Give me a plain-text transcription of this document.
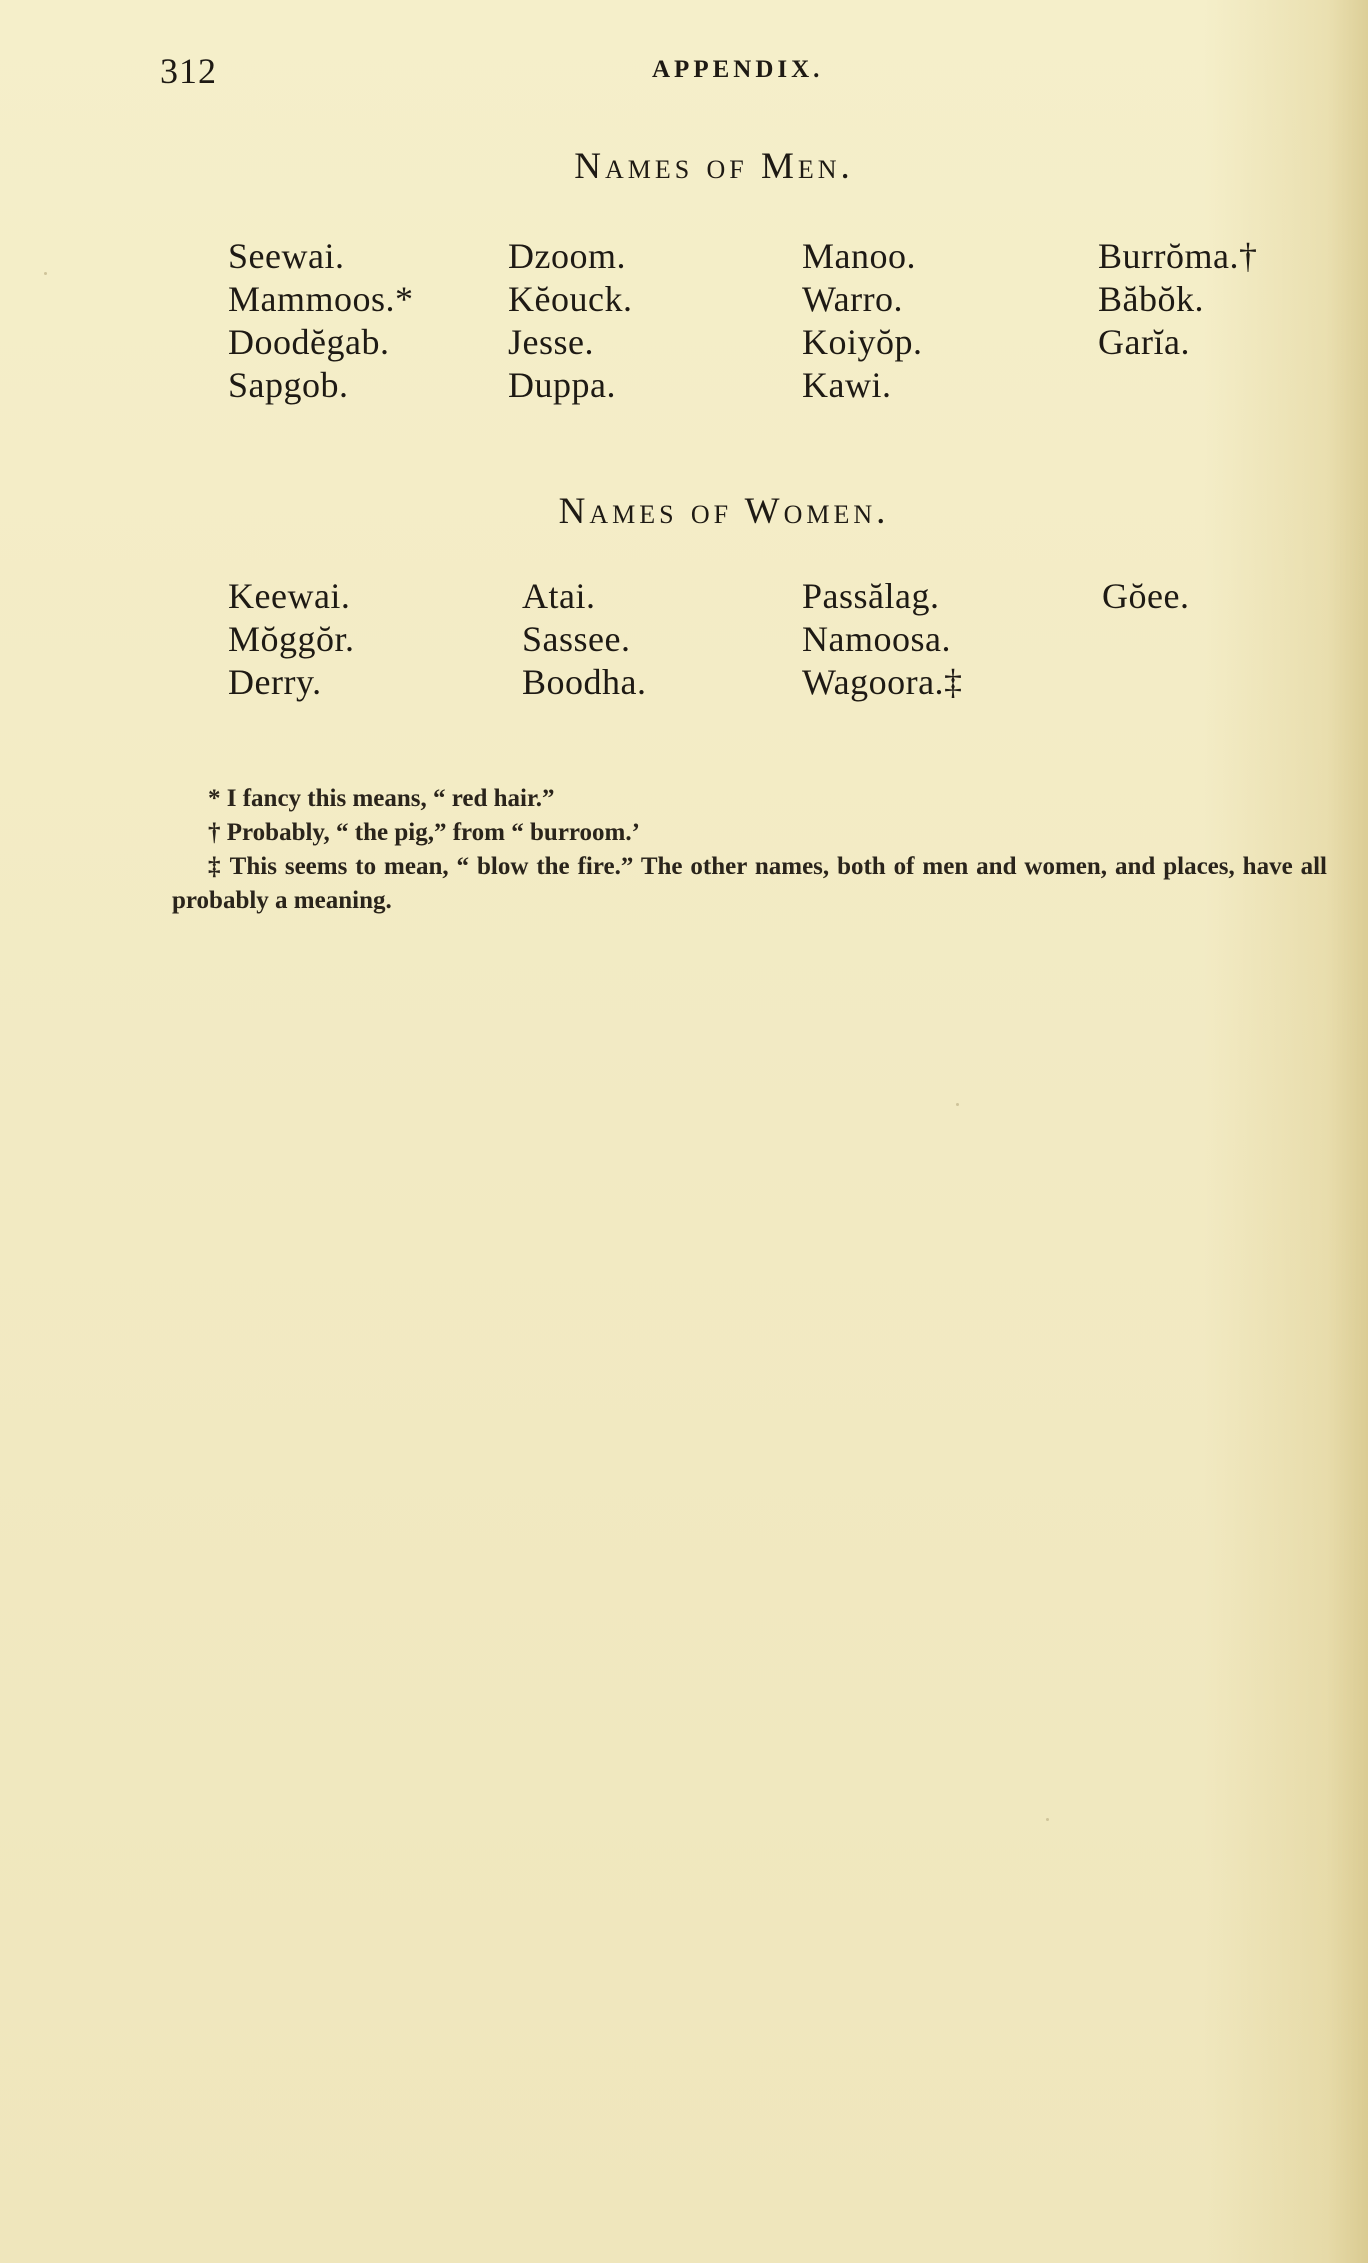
312	APPENDIX.
Names of Men.
Seewai.
Mammoos.*
Doodĕgab.
Sapgob.
Dzoom.
Kĕouck.
Jesse.
Duppa.
Manoo.
Warro.
Koiyŏp.
Kawi.
Burrŏma.†
Băbŏk.
Garĭa.
Names of Women.
Keewai.
Mŏggŏr.
Derry.
Atai.
Sassee.
Boodha.
Passălag.
Namoosa.
Wagoora.‡
Gŏee.
* I fancy this means, “ red hair.”
† Probably, “ the pig,” from “ burroom.’
‡ This seems to mean, “ blow the fire.” The other names, both of men and women, and places, have all probably a meaning.
